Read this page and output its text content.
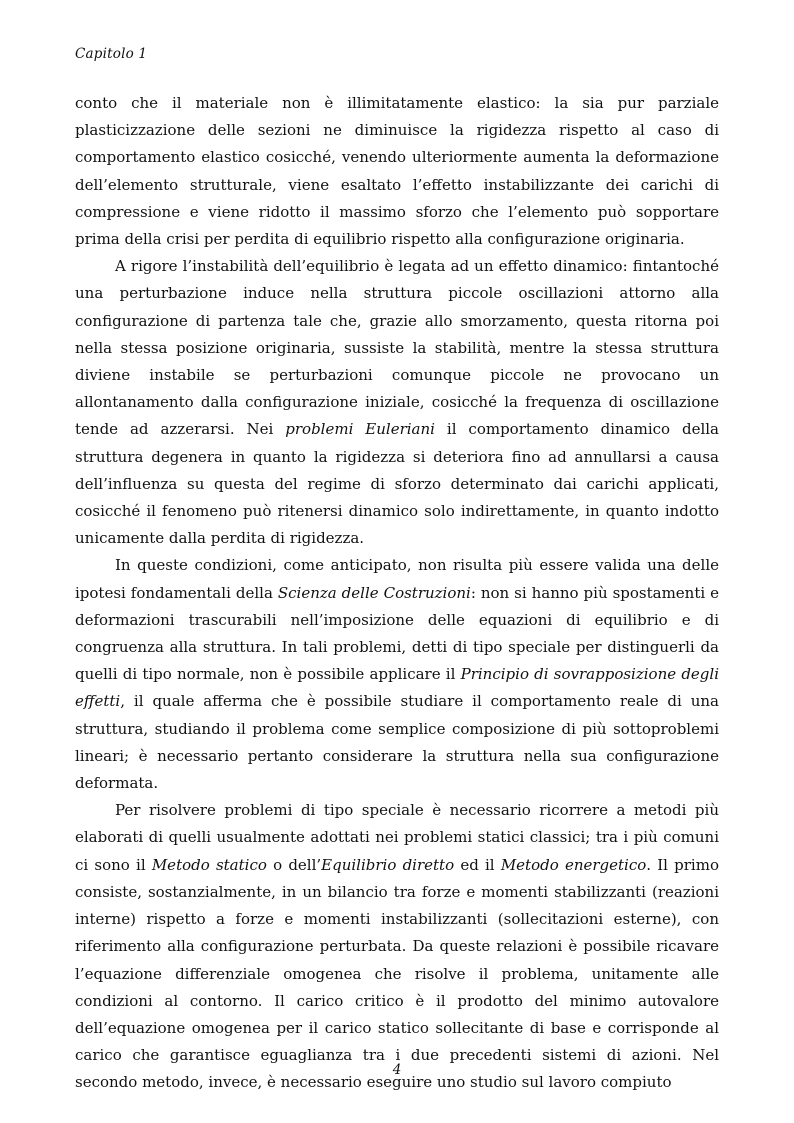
Capitolo 1

conto che il materiale non è illimitatamente elastico: la sia pur parziale plasticizzazione delle sezioni ne diminuisce la rigidezza rispetto al caso di comportamento elastico cosicché, venendo ulteriormente aumenta la deformazione dell’elemento strutturale, viene esaltato l’effetto instabilizzante dei carichi di compressione e viene ridotto il massimo sforzo che l’elemento può sopportare prima della crisi per perdita di equilibrio rispetto alla configurazione originaria.

A rigore l’instabilità dell’equilibrio è legata ad un effetto dinamico: fintantoché una perturbazione induce nella struttura piccole oscillazioni attorno alla configurazione di partenza tale che, grazie allo smorzamento, questa ritorna poi nella stessa posizione originaria, sussiste la stabilità, mentre la stessa struttura diviene instabile se perturbazioni comunque piccole ne provocano un allontanamento dalla configurazione iniziale, cosicché la frequenza di oscillazione tende ad azzerarsi. Nei problemi Euleriani il comportamento dinamico della struttura degenera in quanto la rigidezza si deteriora fino ad annullarsi a causa dell’influenza su questa del regime di sforzo determinato dai carichi applicati, cosicché il fenomeno può ritenersi dinamico solo indirettamente, in quanto indotto unicamente dalla perdita di rigidezza.

In queste condizioni, come anticipato, non risulta più essere valida una delle ipotesi fondamentali della Scienza delle Costruzioni: non si hanno più spostamenti e deformazioni trascurabili nell’imposizione delle equazioni di equilibrio e di congruenza alla struttura. In tali problemi, detti di tipo speciale per distinguerli da quelli di tipo normale, non è possibile applicare il Principio di sovrapposizione degli effetti, il quale afferma che è possibile studiare il comportamento reale di una struttura, studiando il problema come semplice composizione di più sottoproblemi lineari; è necessario pertanto considerare la struttura nella sua configurazione deformata.

Per risolvere problemi di tipo speciale è necessario ricorrere a metodi più elaborati di quelli usualmente adottati nei problemi statici classici; tra i più comuni ci sono il Metodo statico o dell’Equilibrio diretto ed il Metodo energetico. Il primo consiste, sostanzialmente, in un bilancio tra forze e momenti stabilizzanti (reazioni interne) rispetto a forze e momenti instabilizzanti (sollecitazioni esterne), con riferimento alla configurazione perturbata. Da queste relazioni è possibile ricavare l’equazione differenziale omogenea che risolve il problema, unitamente alle condizioni al contorno. Il carico critico è il prodotto del minimo autovalore dell’equazione omogenea per il carico statico sollecitante di base e corrisponde al carico che garantisce eguaglianza tra i due precedenti sistemi di azioni. Nel secondo metodo, invece, è necessario eseguire uno studio sul lavoro compiuto

4
